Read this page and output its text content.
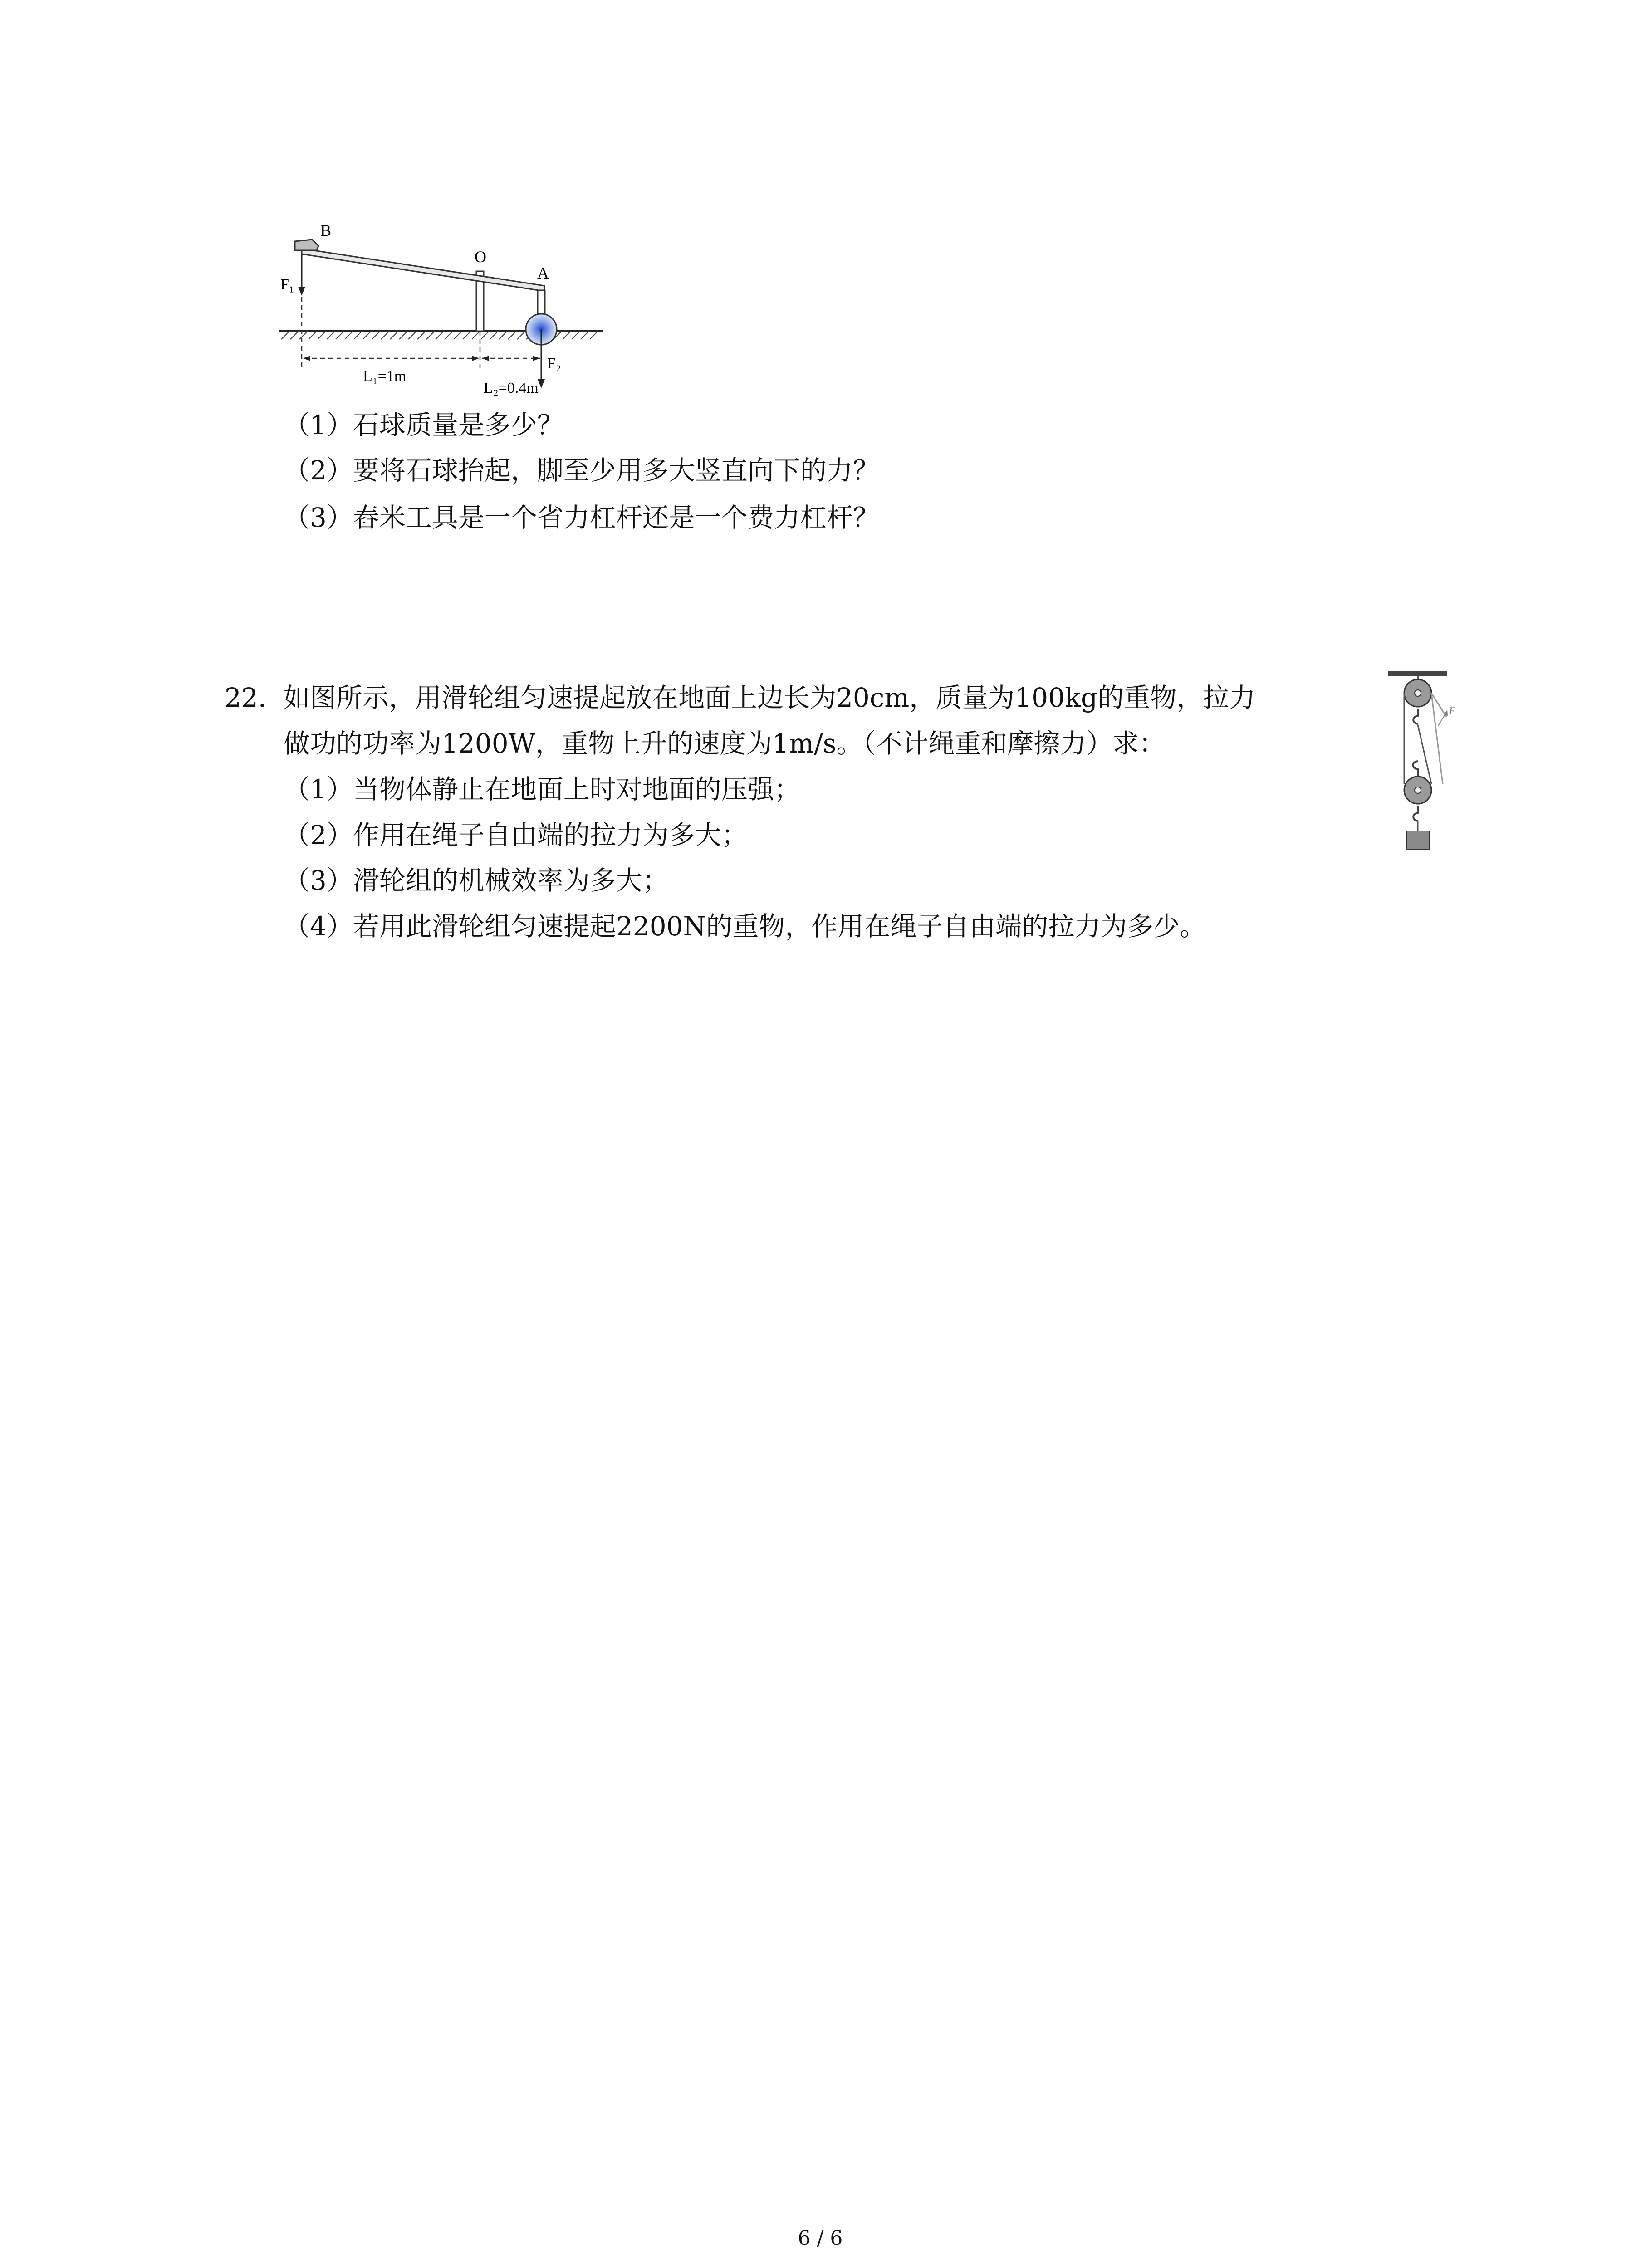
B
O
A
F₁
F₂
L₁=1m
L₂=0.4m
（1）石球质量是多少？
（2）要将石球抬起，脚至少用多大竖直向下的力？
（3）舂米工具是一个省力杠杆还是一个费力杠杆？
22. 如图所示，用滑轮组匀速提起放在地面上边长为20cm，质量为100kg的重物，拉力
做功的功率为1200W，重物上升的速度为1m/s。（不计绳重和摩擦力）求：
（1）当物体静止在地面上时对地面的压强；
（2）作用在绳子自由端的拉力为多大；
（3）滑轮组的机械效率为多大；
（4）若用此滑轮组匀速提起2200N的重物，作用在绳子自由端的拉力为多少。
F
6 / 6
